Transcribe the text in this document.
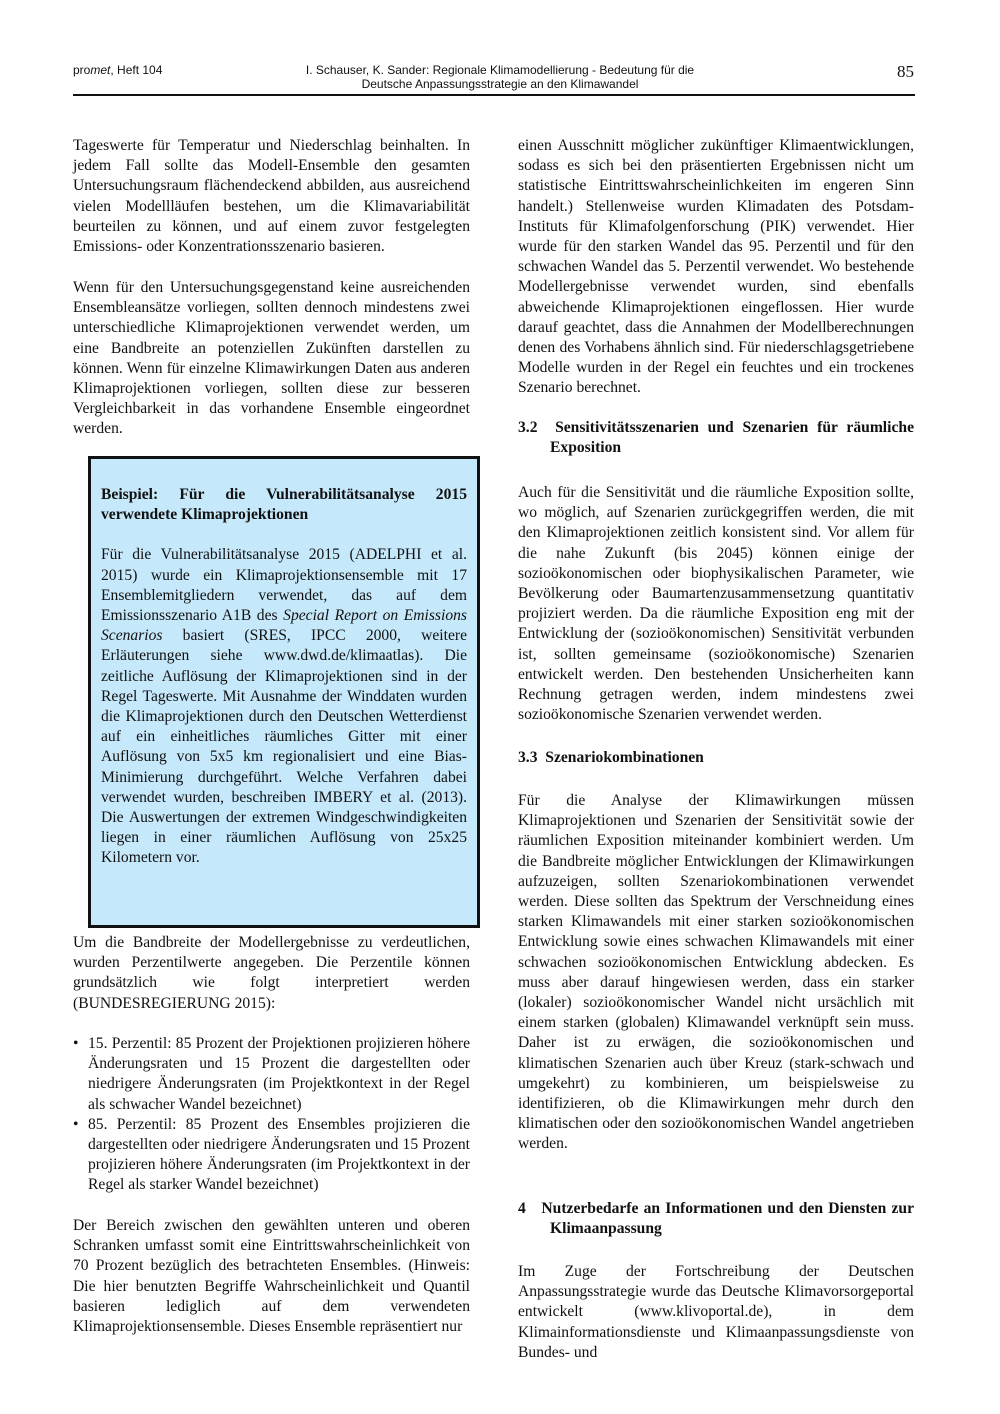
promet, Heft 104	I. Schauser, K. Sander: Regionale Klimamodellierung - Bedeutung für die
Deutsche Anpassungsstrategie an den Klimawandel
85

Tageswerte für Temperatur und Niederschlag beinhalten. In jedem Fall sollte das Modell-Ensemble den gesamten Untersuchungsraum flächendeckend abbilden, aus ausreichend vielen Modellläufen bestehen, um die Klimavariabilität beurteilen zu können, und auf einem zuvor festgelegten Emissions- oder Konzentrationsszenario basieren.

Wenn für den Untersuchungsgegenstand keine ausreichenden Ensembleansätze vorliegen, sollten dennoch mindestens zwei unterschiedliche Klimaprojektionen verwendet werden, um eine Bandbreite an potenziellen Zukünften darstellen zu können. Wenn für einzelne Klimawirkungen Daten aus anderen Klimaprojektionen vorliegen, sollten diese zur besseren Vergleichbarkeit in das vorhandene Ensemble eingeordnet werden.

Beispiel: Für die Vulnerabilitätsanalyse 2015 verwendete Klimaprojektionen

Für die Vulnerabilitätsanalyse 2015 (ADELPHI et al. 2015) wurde ein Klimaprojektionsensemble mit 17 Ensemblemitgliedern verwendet, das auf dem Emissionsszenario A1B des Special Report on Emissions Scenarios basiert (SRES, IPCC 2000, weitere Erläuterungen siehe www.dwd.de/klimaatlas). Die zeitliche Auflösung der Klimaprojektionen sind in der Regel Tageswerte. Mit Ausnahme der Winddaten wurden die Klimaprojektionen durch den Deutschen Wetterdienst auf ein einheitliches räumliches Gitter mit einer Auflösung von 5x5 km regionalisiert und eine Bias-Minimierung durchgeführt. Welche Verfahren dabei verwendet wurden, beschreiben IMBERY et al. (2013). Die Auswertungen der extremen Windgeschwindigkeiten liegen in einer räumlichen Auflösung von 25x25 Kilometern vor.

Um die Bandbreite der Modellergebnisse zu verdeutlichen, wurden Perzentilwerte angegeben. Die Perzentile können grundsätzlich wie folgt interpretiert werden (BUNDESREGIERUNG 2015):

• 15. Perzentil: 85 Prozent der Projektionen projizieren höhere Änderungsraten und 15 Prozent die dargestellten oder niedrigere Änderungsraten (im Projektkontext in der Regel als schwacher Wandel bezeichnet)
• 85. Perzentil: 85 Prozent des Ensembles projizieren die dargestellten oder niedrigere Änderungsraten und 15 Prozent projizieren höhere Änderungsraten (im Projektkontext in der Regel als starker Wandel bezeichnet)

Der Bereich zwischen den gewählten unteren und oberen Schranken umfasst somit eine Eintrittswahrscheinlichkeit von 70 Prozent bezüglich des betrachteten Ensembles. (Hinweis: Die hier benutzten Begriffe Wahrscheinlichkeit und Quantil basieren lediglich auf dem verwendeten Klimaprojektionsensemble. Dieses Ensemble repräsentiert nur

einen Ausschnitt möglicher zukünftiger Klimaentwicklungen, sodass es sich bei den präsentierten Ergebnissen nicht um statistische Eintrittswahrscheinlichkeiten im engeren Sinn handelt.) Stellenweise wurden Klimadaten des Potsdam-Instituts für Klimafolgenforschung (PIK) verwendet. Hier wurde für den starken Wandel das 95. Perzentil und für den schwachen Wandel das 5. Perzentil verwendet. Wo bestehende Modellergebnisse verwendet wurden, sind ebenfalls abweichende Klimaprojektionen eingeflossen. Hier wurde darauf geachtet, dass die Annahmen der Modellberechnungen denen des Vorhabens ähnlich sind. Für niederschlagsgetriebene Modelle wurden in der Regel ein feuchtes und ein trockenes Szenario berechnet.

3.2  Sensitivitätsszenarien und Szenarien für räumliche Exposition

Auch für die Sensitivität und die räumliche Exposition sollte, wo möglich, auf Szenarien zurückgegriffen werden, die mit den Klimaprojektionen zeitlich konsistent sind. Vor allem für die nahe Zukunft (bis 2045) können einige der sozioökonomischen oder biophysikalischen Parameter, wie Bevölkerung oder Baumartenzusammensetzung quantitativ projiziert werden. Da die räumliche Exposition eng mit der Entwicklung der (sozioökonomischen) Sensitivität verbunden ist, sollten gemeinsame (sozioökonomische) Szenarien entwickelt werden. Den bestehenden Unsicherheiten kann Rechnung getragen werden, indem mindestens zwei sozioökonomische Szenarien verwendet werden.

3.3  Szenariokombinationen

Für die Analyse der Klimawirkungen müssen Klimaprojektionen und Szenarien der Sensitivität sowie der räumlichen Exposition miteinander kombiniert werden. Um die Bandbreite möglicher Entwicklungen der Klimawirkungen aufzuzeigen, sollten Szenariokombinationen verwendet werden. Diese sollten das Spektrum der Verschneidung eines starken Klimawandels mit einer starken sozioökonomischen Entwicklung sowie eines schwachen Klimawandels mit einer schwachen sozioökonomischen Entwicklung abdecken. Es muss aber darauf hingewiesen werden, dass ein starker (lokaler) sozioökonomischer Wandel nicht ursächlich mit einem starken (globalen) Klimawandel verknüpft sein muss. Daher ist zu erwägen, die sozioökonomischen und klimatischen Szenarien auch über Kreuz (stark-schwach und umgekehrt) zu kombinieren, um beispielsweise zu identifizieren, ob die Klimawirkungen mehr durch den klimatischen oder den sozioökonomischen Wandel angetrieben werden.

4   Nutzerbedarfe an Informationen und den Diensten zur Klimaanpassung

Im Zuge der Fortschreibung der Deutschen Anpassungsstrategie wurde das Deutsche Klimavorsorgeportal entwickelt (www.klivoportal.de), in dem Klimainformationsdienste und Klimaanpassungsdienste von Bundes- und
